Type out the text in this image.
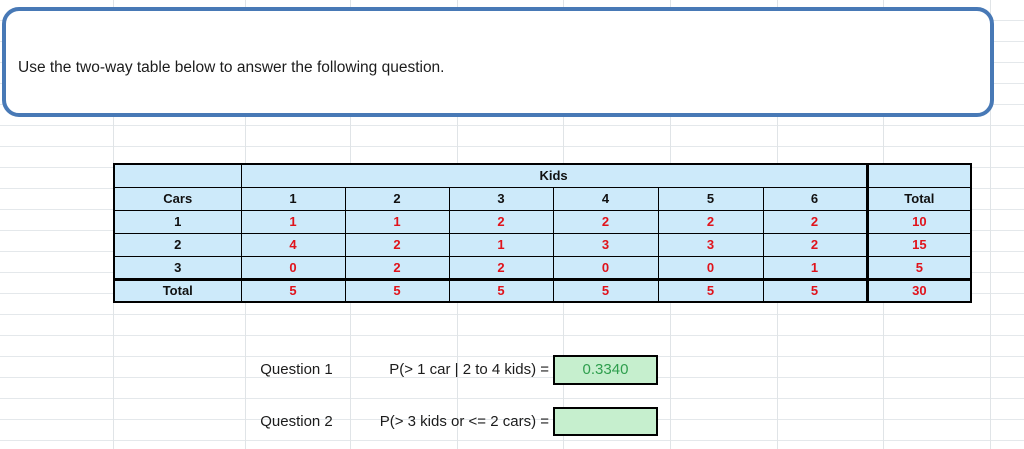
Use the two-way table below to answer the following question.
	Kids						
Cars	1	2	3	4	5	6	Total
1	1	1	2	2	2	2	10
2	4	2	1	3	3	2	15
3	0	2	2	0	0	1	5
Total	5	5	5	5	5	5	30
Question 1	P(> 1 car | 2 to 4 kids) =	0.3340
Question 2	P(> 3 kids or <= 2 cars) =
